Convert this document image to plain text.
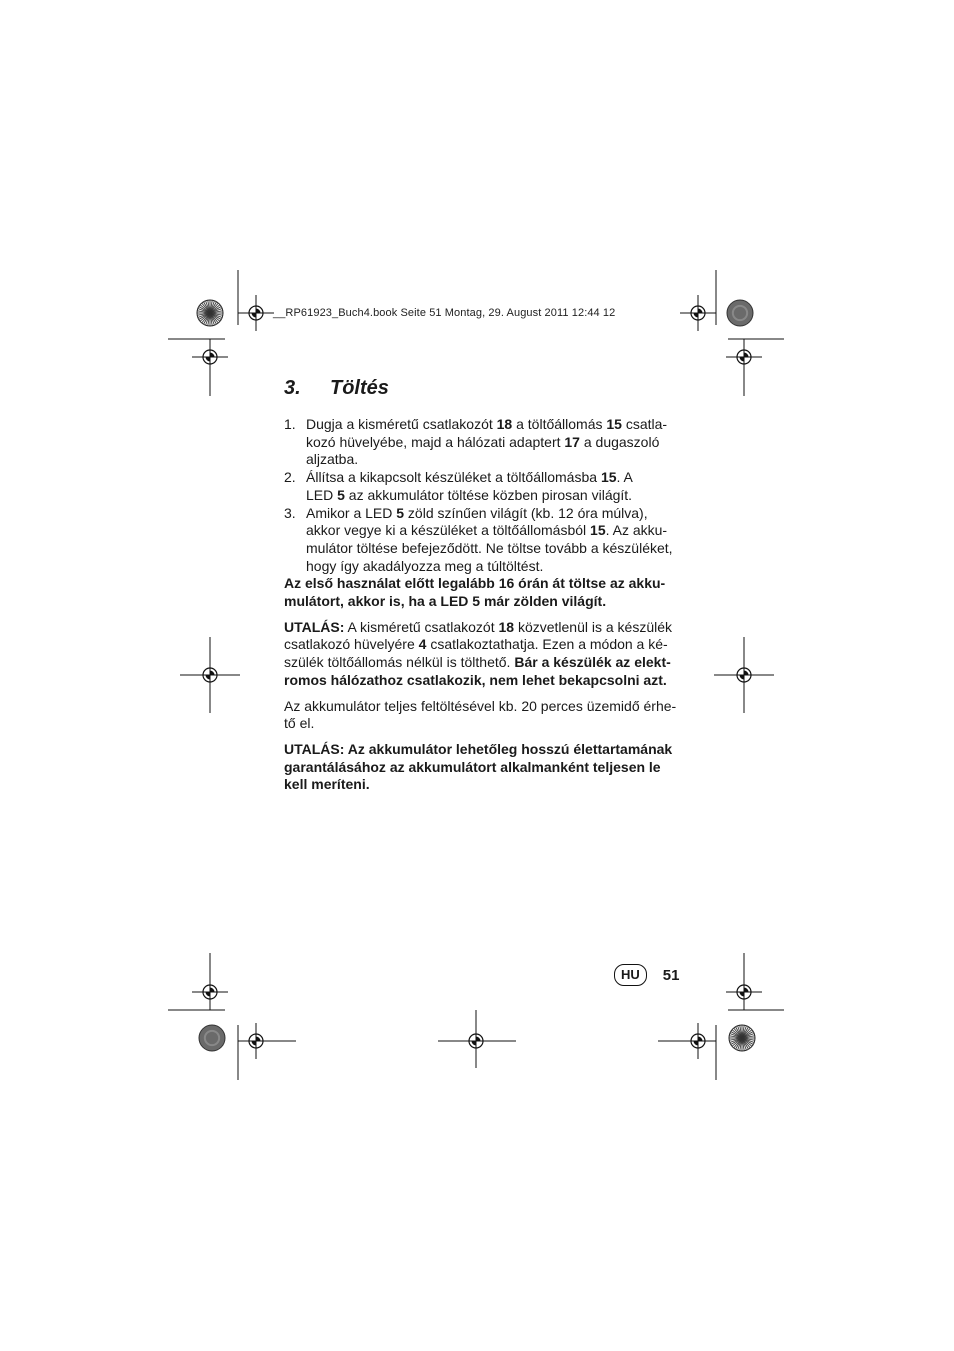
__RP61923_Buch4.book Seite 51 Montag, 29. August 2011 12:44 12
3. Töltés
1. Dugja a kisméretű csatlakozót 18 a töltőállomás 15 csatla-
kozó hüvelyébe, majd a hálózati adaptert 17 a dugaszoló
aljzatba.
2. Állítsa a kikapcsolt készüléket a töltőállomásba 15. A
LED 5 az akkumulátor töltése közben pirosan világít.
3. Amikor a LED 5 zöld színűen világít (kb. 12 óra múlva),
akkor vegye ki a készüléket a töltőállomásból 15. Az akku-
mulátor töltése befejeződött. Ne töltse tovább a készüléket,
hogy így akadályozza meg a túltöltést.

Az első használat előtt legalább 16 órán át töltse az akku-
mulátort, akkor is, ha a LED 5 már zölden világít.

UTALÁS: A kisméretű csatlakozót 18 közvetlenül is a készülék
csatlakozó hüvelyére 4 csatlakoztathatja. Ezen a módon a ké-
szülék töltőállomás nélkül is tölthető. Bár a készülék az elekt-
romos hálózathoz csatlakozik, nem lehet bekapcsolni azt.

Az akkumulátor teljes feltöltésével kb. 20 perces üzemidő érhe-
tő el.

UTALÁS: Az akkumulátor lehetőleg hosszú élettartamának
garantálásához az akkumulátort alkalmanként teljesen le
kell meríteni.

HU	51
